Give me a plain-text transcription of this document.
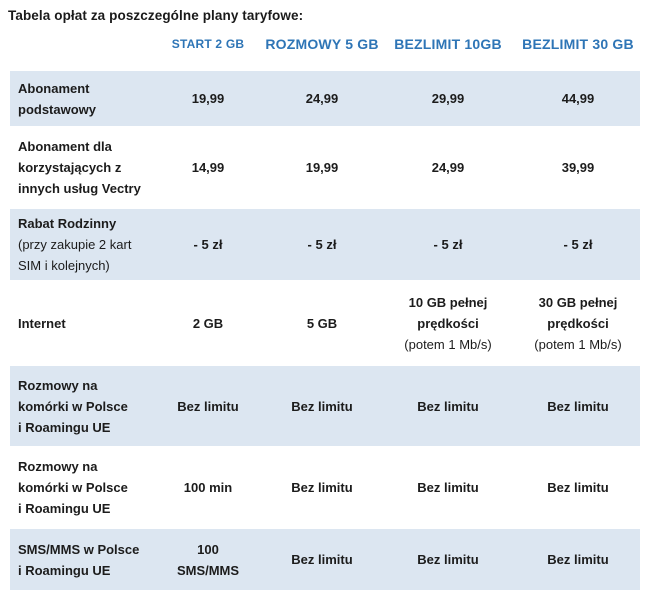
Tabela opłat za poszczególne plany taryfowe:
	START 2 GB	ROZMOWY 5 GB	BEZLIMIT 10GB	BEZLIMIT 30 GB

Abonament
podstawowy	19,99	24,99	29,99	44,99

Abonament dla
korzystających z
innych usług Vectry	14,99	19,99	24,99	39,99

Rabat Rodzinny
(przy zakupie 2 kart
SIM i kolejnych)	- 5 zł	- 5 zł	- 5 zł	- 5 zł

Internet	2 GB	5 GB	10 GB pełnej
prędkości
(potem 1 Mb/s)	30 GB pełnej
prędkości
(potem 1 Mb/s)

Rozmowy na
komórki w Polsce
i Roamingu UE	Bez limitu	Bez limitu	Bez limitu	Bez limitu

Rozmowy na
komórki w Polsce
i Roamingu UE	100 min	Bez limitu	Bez limitu	Bez limitu

SMS/MMS w Polsce
i Roamingu UE	100
SMS/MMS	Bez limitu	Bez limitu	Bez limitu
